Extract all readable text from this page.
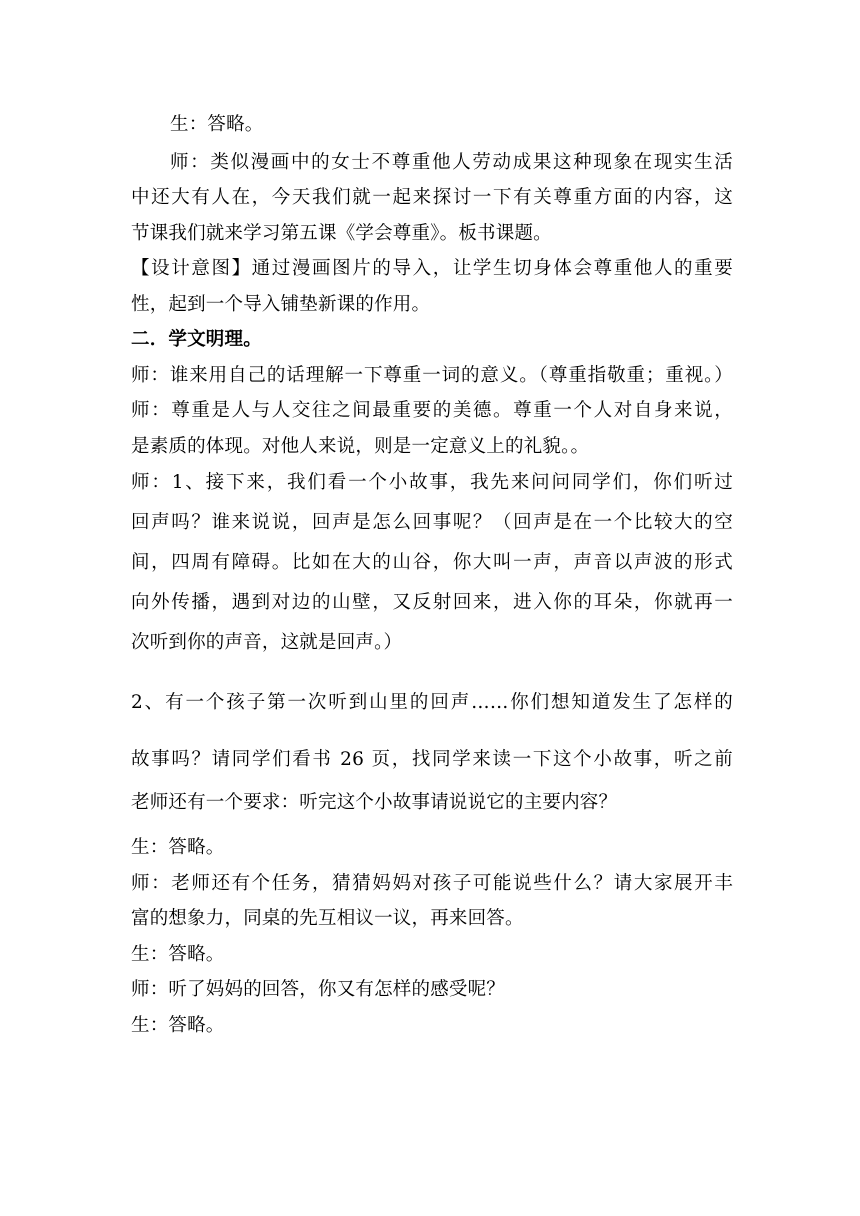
生：答略。
师：类似漫画中的女士不尊重他人劳动成果这种现象在现实生活
中还大有人在，今天我们就一起来探讨一下有关尊重方面的内容，这
节课我们就来学习第五课《学会尊重》。板书课题。
【设计意图】通过漫画图片的导入，让学生切身体会尊重他人的重要
性，起到一个导入铺垫新课的作用。
二．学文明理。
师：谁来用自己的话理解一下尊重一词的意义。（尊重指敬重；重视。）
师：尊重是人与人交往之间最重要的美德。尊重一个人对自身来说，
是素质的体现。对他人来说，则是一定意义上的礼貌。。
师：1、接下来，我们看一个小故事，我先来问问同学们，你们听过
回声吗？谁来说说，回声是怎么回事呢？（回声是在一个比较大的空
间，四周有障碍。比如在大的山谷，你大叫一声，声音以声波的形式
向外传播，遇到对边的山壁，又反射回来，进入你的耳朵，你就再一
次听到你的声音，这就是回声。）
2、有一个孩子第一次听到山里的回声……你们想知道发生了怎样的
故事吗？请同学们看书 26 页，找同学来读一下这个小故事，听之前
老师还有一个要求：听完这个小故事请说说它的主要内容？
生：答略。
师：老师还有个任务，猜猜妈妈对孩子可能说些什么？请大家展开丰
富的想象力，同桌的先互相议一议，再来回答。
生：答略。
师：听了妈妈的回答，你又有怎样的感受呢？
生：答略。
